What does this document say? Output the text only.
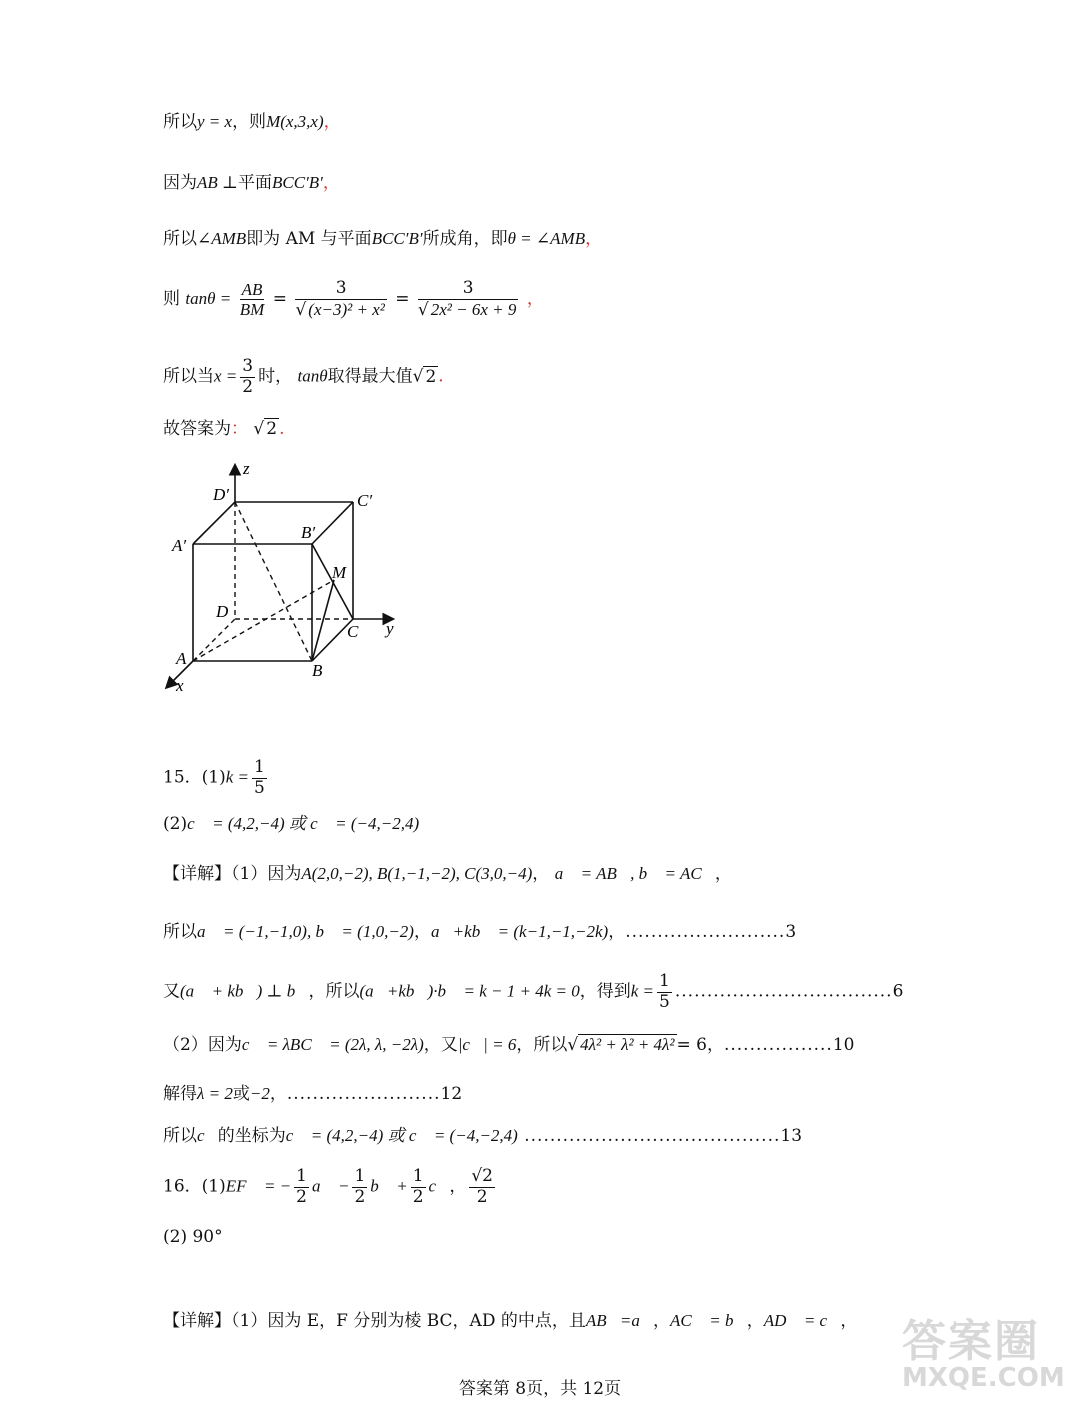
所以y = x，则M(x,3,x)，
因为AB ⊥平面BCC′B′，
所以∠AMB即为 AM 与平面BCC′B′所成角，即θ = ∠AMB，
则 $\tan\theta = \frac{AB}{BM} = \frac{3}{\text{√ (x−3)² + x²}} = \frac{3}{\text{√ 2x² − 6x + 9}}$ ，
所以当$x = \frac{3}{2}$ 时， tanθ取得最大值√ 2 .
故答案为： √ 2 .
z
D′	C′
B′
A′
M
D
C y
A
B
x
15．$(1)k = \frac{1}{5}$
(2)c⃗ = (4,2,−4) 或 c⃗ = (−4,−2,4)
【详解】（1）因为A(2,0,−2), B(1,−1,−2), C(3,0,−4)， a⃗ = AB⃗, b⃗ = AC⃗，
所以a⃗ = (−1,−1,0), b⃗ = (1,0,−2)，a⃗+kb⃗ = (k−1,−1,−2k)，.........................3
又(a⃗ + kb⃗) ⊥ b⃗，所以(a⃗+kb⃗)·b⃗ = k − 1 + 4k = 0，得到$k = \frac{1}{5} ..................................6$
（2）因为c⃗ = λBC⃗ = (2λ, λ, −2λ)，又|c⃗| = 6，所以√ 4λ² + λ² + 4λ² = 6，.................10
解得λ = 2或−2，........................12
所以c⃗的坐标为c⃗ = (4,2,−4) 或 c⃗ = (−4,−2,4) ........................................13
16．(1)EF⃗ = − $\frac{1}{2}$ a⃗ − $\frac{1}{2}$ b⃗ + $\frac{1}{2}$ c⃗， $\frac{√2}{2}$
(2) 90°
【详解】（1）因为 E，F 分别为棱 BC，AD 的中点，且AB⃗=a⃗，AC⃗ = b⃗，AD⃗ = c⃗， 答案圈
MXQE.COM
答案第 8页，共 12页
